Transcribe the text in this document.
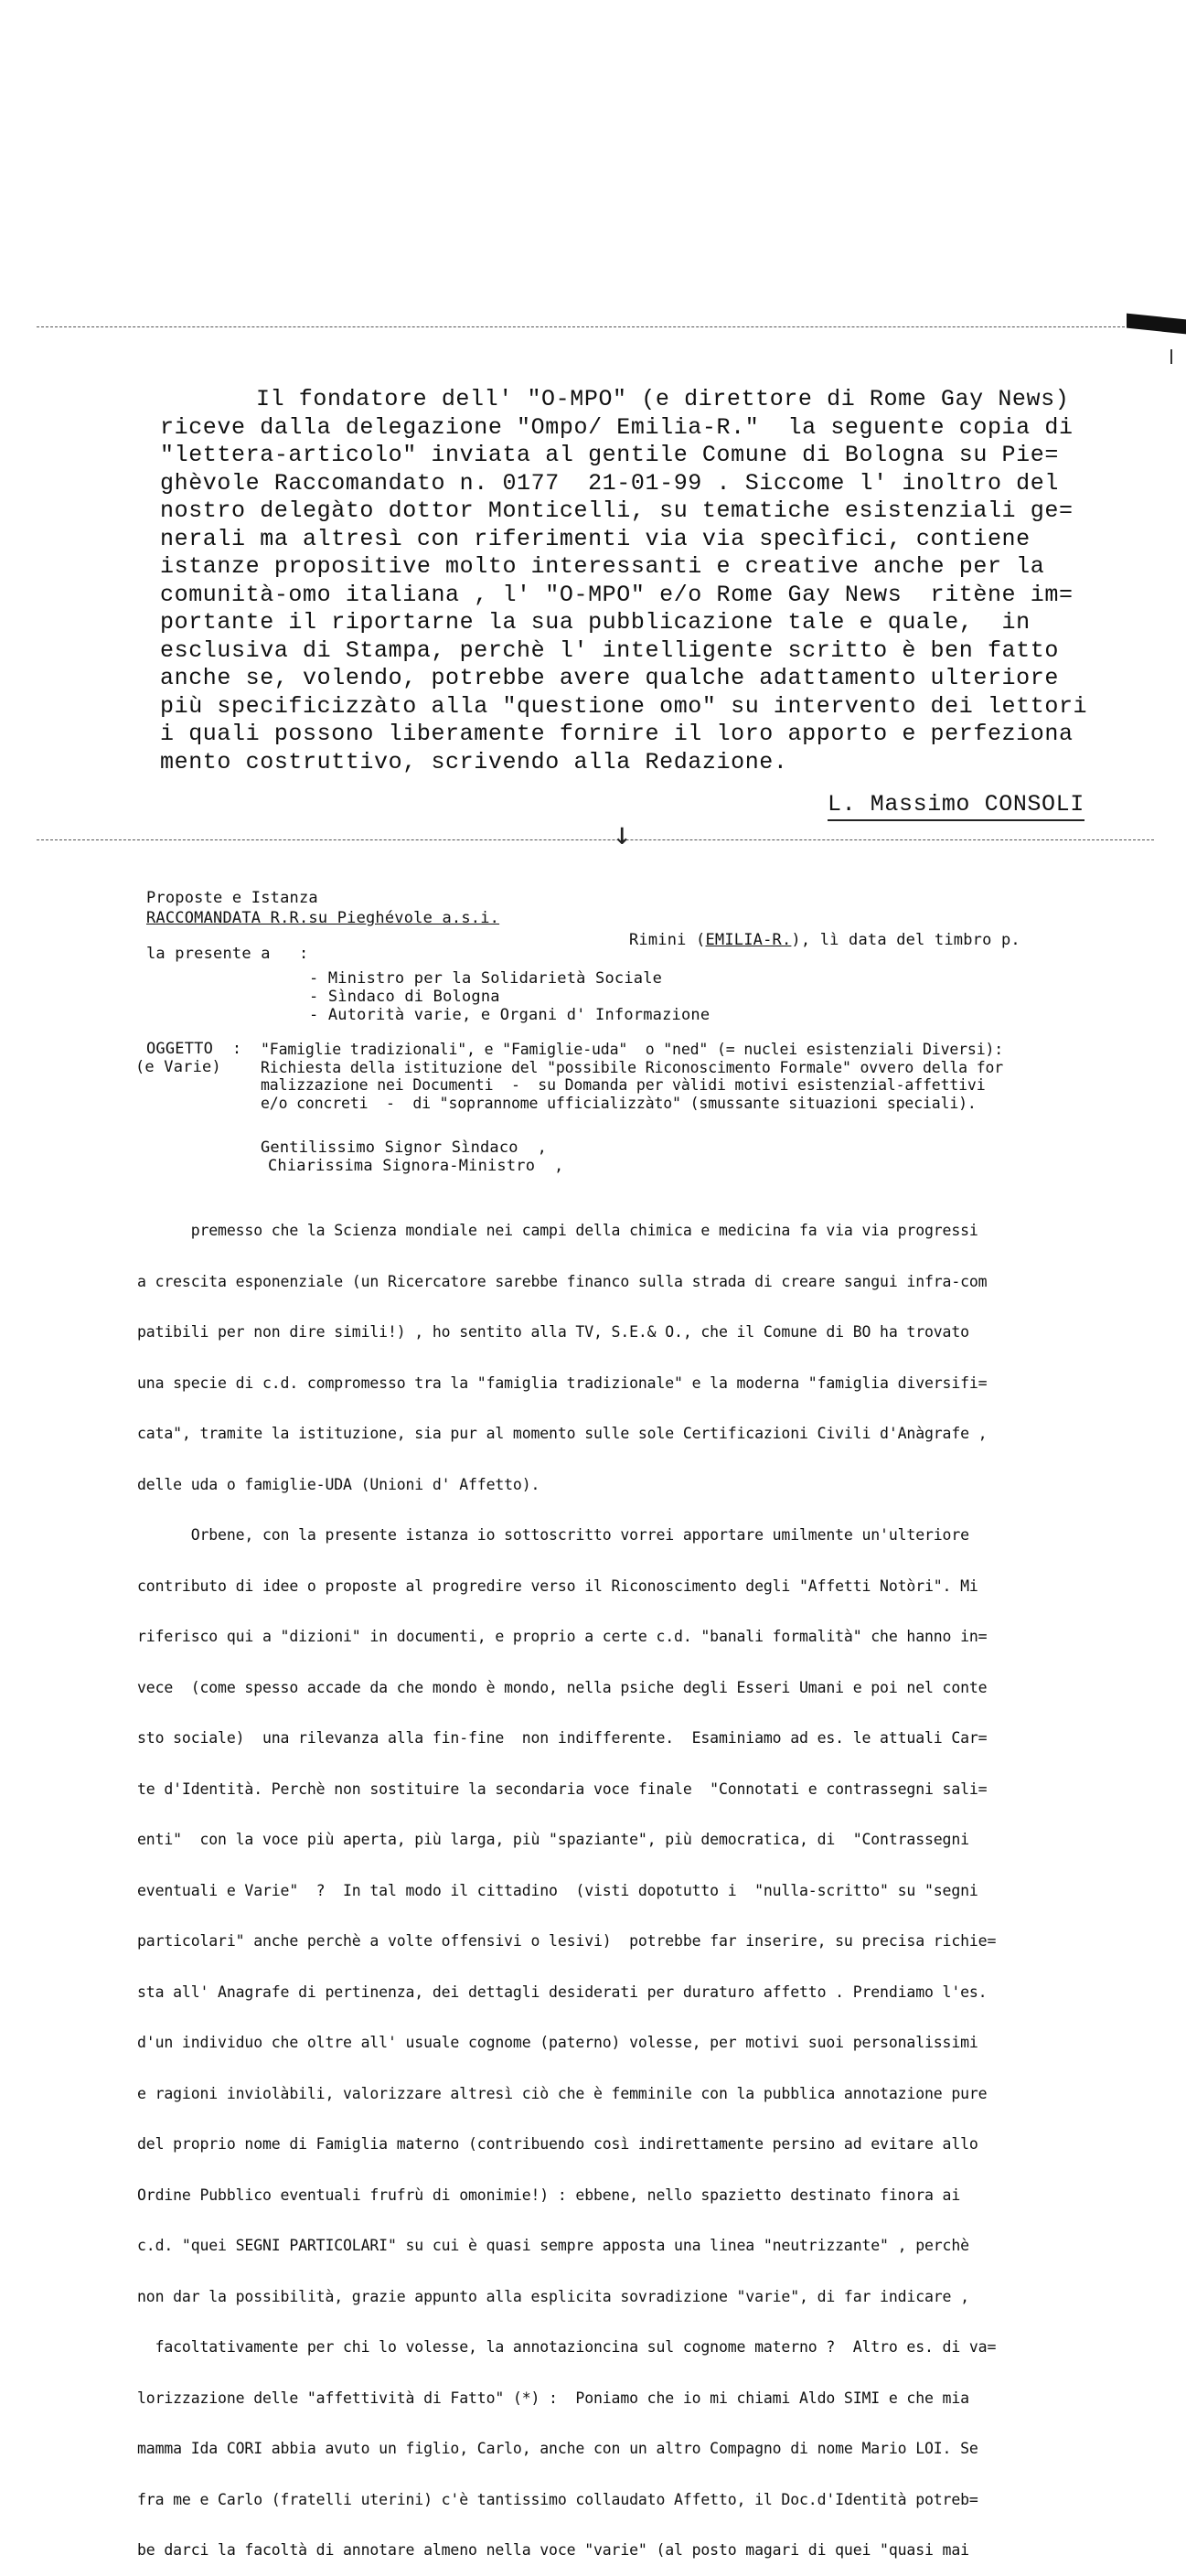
Il fondatore dell' "O-MPO" (e direttore di Rome Gay News)
riceve dalla delegazione "Ompo/ Emilia-R."  la seguente copia di
"lettera-articolo" inviata al gentile Comune di Bologna su Pie=
ghèvole Raccomandato n. 0177  21-01-99 . Siccome l' inoltro del
nostro delegàto dottor Monticelli, su tematiche esistenziali ge=
nerali ma altresì con riferimenti via via specìfici, contiene
istanze propositive molto interessanti e creative anche per la
comunità-omo italiana , l' "O-MPO" e/o Rome Gay News  ritène im=
portante il riportarne la sua pubblicazione tale e quale,  in
esclusiva di Stampa, perchè l' intelligente scritto è ben fatto
anche se, volendo, potrebbe avere qualche adattamento ulteriore
più specificizzàto alla "questione omo" su intervento dei lettori
i quali possono liberamente fornire il loro apporto e perfeziona
mento costruttivo, scrivendo alla Redazione.
L. Massimo CONSOLI
↓
Proposte e Istanza
RACCOMANDATA R.R.su Pieghévole a.s.i.
Rimini (EMILIA-R.), lì data del timbro p.
la presente a   :
- Ministro per la Solidarietà Sociale
- Sìndaco di Bologna
- Autorità varie, e Organi d' Informazione
OGGETTO  :
(e Varie)
"Famiglie tradizionali", e "Famiglie-uda"  o "ned" (= nuclei esistenziali Diversi):
Richiesta della istituzione del "possibile Riconoscimento Formale" ovvero della for
malizzazione nei Documenti  -  su Domanda per vàlidi motivi esistenzial-affettivi
e/o concreti  -  di "soprannome ufficializzàto" (smussante situazioni speciali).
Gentilissimo Signor Sìndaco  ,
Chiarissima Signora-Ministro  ,

premesso che la Scienza mondiale nei campi della chimica e medicina fa via via progressi

a crescita esponenziale (un Ricercatore sarebbe financo sulla strada di creare sangui infra-com

patibili per non dire simili!) , ho sentito alla TV, S.E.& O., che il Comune di BO ha trovato

una specie di c.d. compromesso tra la "famiglia tradizionale" e la moderna "famiglia diversifi=

cata", tramite la istituzione, sia pur al momento sulle sole Certificazioni Civili d'Anàgrafe ,

delle uda o famiglie-UDA (Unioni d' Affetto).

Orbene, con la presente istanza io sottoscritto vorrei apportare umilmente un'ulteriore

contributo di idee o proposte al progredire verso il Riconoscimento degli "Affetti Notòri". Mi

riferisco qui a "dizioni" in documenti, e proprio a certe c.d. "banali formalità" che hanno in=

vece  (come spesso accade da che mondo è mondo, nella psiche degli Esseri Umani e poi nel conte

sto sociale)  una rilevanza alla fin-fine  non indifferente.  Esaminiamo ad es. le attuali Car=

te d'Identità. Perchè non sostituire la secondaria voce finale  "Connotati e contrassegni sali=

enti"  con la voce più aperta, più larga, più "spaziante", più democratica, di  "Contrassegni

eventuali e Varie"  ?  In tal modo il cittadino  (visti dopotutto i  "nulla-scritto" su "segni

particolari" anche perchè a volte offensivi o lesivi)  potrebbe far inserire, su precisa richie=

sta all' Anagrafe di pertinenza, dei dettagli desiderati per duraturo affetto . Prendiamo l'es.

d'un individuo che oltre all' usuale cognome (paterno) volesse, per motivi suoi personalissimi

e ragioni inviolàbili, valorizzare altresì ciò che è femminile con la pubblica annotazione pure

del proprio nome di Famiglia materno (contribuendo così indirettamente persino ad evitare allo

Ordine Pubblico eventuali frufrù di omonimie!) : ebbene, nello spazietto destinato finora ai

c.d. "quei SEGNI PARTICOLARI" su cui è quasi sempre apposta una linea "neutrizzante" , perchè

non dar la possibilità, grazie appunto alla esplicita sovradizione "varie", di far indicare ,

facoltativamente per chi lo volesse, la annotazioncina sul cognome materno ?  Altro es. di va=

lorizzazione delle "affettività di Fatto" (*) :  Poniamo che io mi chiami Aldo SIMI e che mia

mamma Ida CORI abbia avuto un figlio, Carlo, anche con un altro Compagno di nome Mario LOI. Se

fra me e Carlo (fratelli uterini) c'è tantissimo collaudato Affetto, il Doc.d'Identità potreb=

be darci la facoltà di annotare almeno nella voce "varie" (al posto magari di quei "quasi mai
